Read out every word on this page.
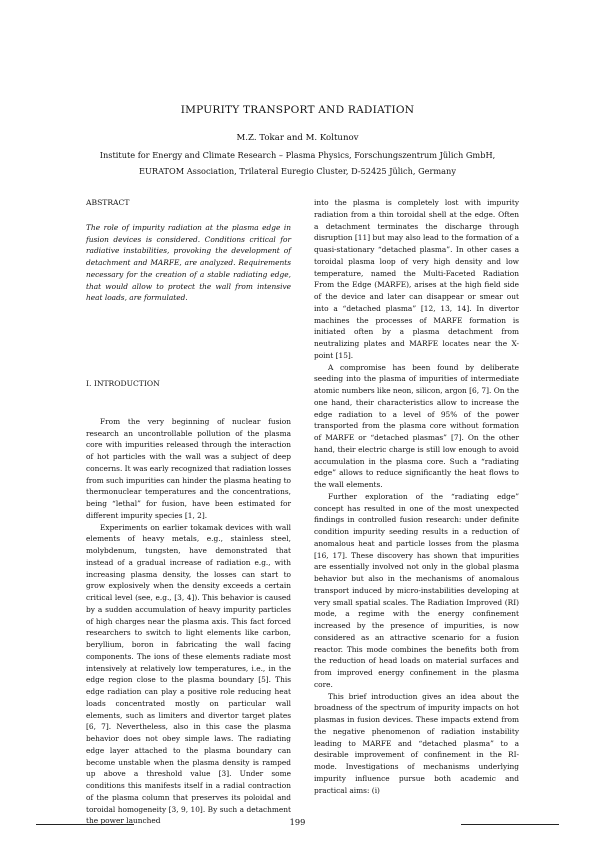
IMPURITY TRANSPORT AND RADIATION
M.Z. Tokar and M. Koltunov
Institute for Energy and Climate Research – Plasma Physics, Forschungszentrum Jülich GmbH,
EURATOM Association, Trilateral Euregio Cluster, D-52425 Jülich, Germany
ABSTRACT

The role of impurity radiation at the plasma edge in fusion devices is considered. Conditions critical for radiative instabilities, provoking the development of detachment and MARFE, are analyzed. Requirements necessary for the creation of a stable radiating edge, that would allow to protect the wall from intensive heat loads, are formulated.

I. INTRODUCTION

From the very beginning of nuclear fusion research an uncontrollable pollution of the plasma core with impurities released through the interaction of hot particles with the wall was a subject of deep concerns. It was early recognized that radiation losses from such impurities can hinder the plasma heating to thermonuclear temperatures and the concentrations, being “lethal” for fusion, have been estimated for different impurity species [1, 2].

Experiments on earlier tokamak devices with wall elements of heavy metals, e.g., stainless steel, molybdenum, tungsten, have demonstrated that instead of a gradual increase of radiation e.g., with increasing plasma density, the losses can start to grow explosively when the density exceeds a certain critical level (see, e.g., [3, 4]). This behavior is caused by a sudden accumulation of heavy impurity particles of high charges near the plasma axis. This fact forced researchers to switch to light elements like carbon, beryllium, boron in fabricating the wall facing components. The ions of these elements radiate most intensively at relatively low temperatures, i.e., in the edge region close to the plasma boundary [5]. This edge radiation can play a positive role reducing heat loads concentrated mostly on particular wall elements, such as limiters and divertor target plates [6, 7]. Nevertheless, also in this case the plasma behavior does not obey simple laws. The radiating edge layer attached to the plasma boundary can become unstable when the plasma density is ramped up above a threshold value [3]. Under some conditions this manifests itself in a radial contraction of the plasma column that preserves its poloidal and toroidal homogeneity [3, 9, 10]. By such a detachment the power launched

into the plasma is completely lost with impurity radiation from a thin toroidal shell at the edge. Often a detachment terminates the discharge through disruption [11] but may also lead to the formation of a quasi-stationary “detached plasma”. In other cases a toroidal plasma loop of very high density and low temperature, named the Multi-Faceted Radiation From the Edge (MARFE), arises at the high field side of the device and later can disappear or smear out into a “detached plasma” [12, 13, 14]. In divertor machines the processes of MARFE formation is initiated often by a plasma detachment from neutralizing plates and MARFE locates near the X-point [15].

A compromise has been found by deliberate seeding into the plasma of impurities of intermediate atomic numbers like neon, silicon, argon [6, 7]. On the one hand, their characteristics allow to increase the edge radiation to a level of 95% of the power transported from the plasma core without formation of MARFE or “detached plasmas” [7]. On the other hand, their electric charge is still low enough to avoid accumulation in the plasma core. Such a “radiating edge” allows to reduce significantly the heat flows to the wall elements.

Further exploration of the “radiating edge” concept has resulted in one of the most unexpected findings in controlled fusion research: under definite condition impurity seeding results in a reduction of anomalous heat and particle losses from the plasma [16, 17]. These discovery has shown that impurities are essentially involved not only in the global plasma behavior but also in the mechanisms of anomalous transport induced by micro-instabilities developing at very small spatial scales. The Radiation Improved (RI) mode, a regime with the energy confinement increased by the presence of impurities, is now considered as an attractive scenario for a fusion reactor. This mode combines the benefits both from the reduction of head loads on material surfaces and from improved energy confinement in the plasma core.

This brief introduction gives an idea about the broadness of the spectrum of impurity impacts on hot plasmas in fusion devices. These impacts extend from the negative phenomenon of radiation instability leading to MARFE and “detached plasma” to a desirable improvement of confinement in the RI-mode. Investigations of mechanisms underlying impurity influence pursue both academic and practical aims: (i)

199
